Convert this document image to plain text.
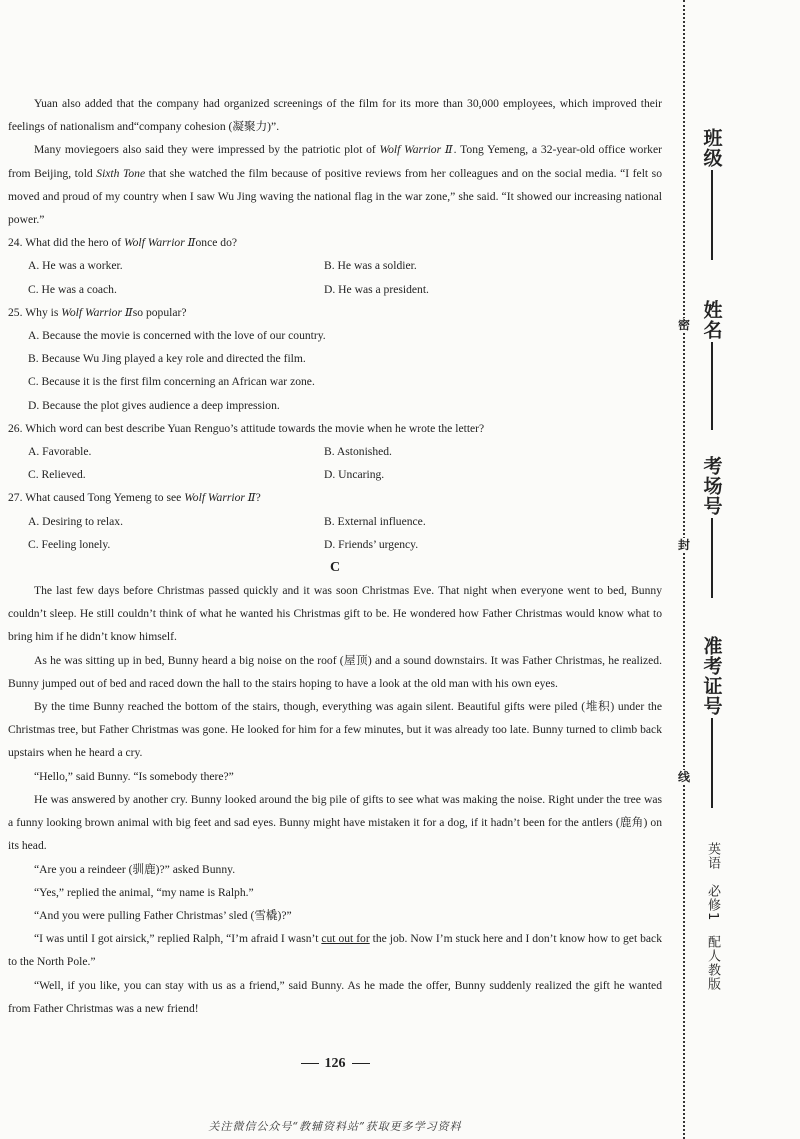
Yuan also added that the company had organized screenings of the film for its more than 30,000 employees, which improved their feelings of nationalism and“company cohesion (凝聚力)”.

Many moviegoers also said they were impressed by the patriotic plot of Wolf Warrior Ⅱ. Tong Yemeng, a 32-year-old office worker from Beijing, told Sixth Tone that she watched the film because of positive reviews from her colleagues and on the social media. “I felt so moved and proud of my country when I saw Wu Jing waving the national flag in the war zone,” she said. “It showed our increasing national power.”

24. What did the hero of Wolf Warrior Ⅱonce do?

A. He was a worker.	B. He was a soldier.
C. He was a coach.	D. He was a president.

25. Why is Wolf Warrior Ⅱso popular?

A. Because the movie is concerned with the love of our country.
B. Because Wu Jing played a key role and directed the film.
C. Because it is the first film concerning an African war zone.
D. Because the plot gives audience a deep impression.

26. Which word can best describe Yuan Renguo’s attitude towards the movie when he wrote the letter?

A. Favorable.	B. Astonished.
C. Relieved.	D. Uncaring.

27. What caused Tong Yemeng to see Wolf Warrior Ⅱ?

A. Desiring to relax.	B. External influence.
C. Feeling lonely.	D. Friends’ urgency.

C

The last few days before Christmas passed quickly and it was soon Christmas Eve. That night when everyone went to bed, Bunny couldn’t sleep. He still couldn’t think of what he wanted his Christmas gift to be. He wondered how Father Christmas would know what to bring him if he didn’t know himself.

As he was sitting up in bed, Bunny heard a big noise on the roof (屋顶) and a sound downstairs. It was Father Christmas, he realized. Bunny jumped out of bed and raced down the hall to the stairs hoping to have a look at the old man with his own eyes.

By the time Bunny reached the bottom of the stairs, though, everything was again silent. Beautiful gifts were piled (堆积) under the Christmas tree, but Father Christmas was gone. He looked for him for a few minutes, but it was already too late. Bunny turned to climb back upstairs when he heard a cry.

“Hello,” said Bunny. “Is somebody there?”

He was answered by another cry. Bunny looked around the big pile of gifts to see what was making the noise. Right under the tree was a funny looking brown animal with big feet and sad eyes. Bunny might have mistaken it for a dog, if it hadn’t been for the antlers (鹿角) on its head.

“Are you a reindeer (驯鹿)?” asked Bunny.

“Yes,” replied the animal, “my name is Ralph.”

“And you were pulling Father Christmas’ sled (雪橇)?”

“I was until I got airsick,” replied Ralph, “I’m afraid I wasn’t cut out for the job. Now I’m stuck here and I don’t know how to get back to the North Pole.”

“Well, if you like, you can stay with us as a friend,” said Bunny. As he made the offer, Bunny suddenly realized the gift he wanted from Father Christmas was a new friend!

126
关注微信公众号“教辅资料站”获取更多学习资料
密
封
线
班级
姓名
考场号
准考证号
英语　必修1　配人教版
